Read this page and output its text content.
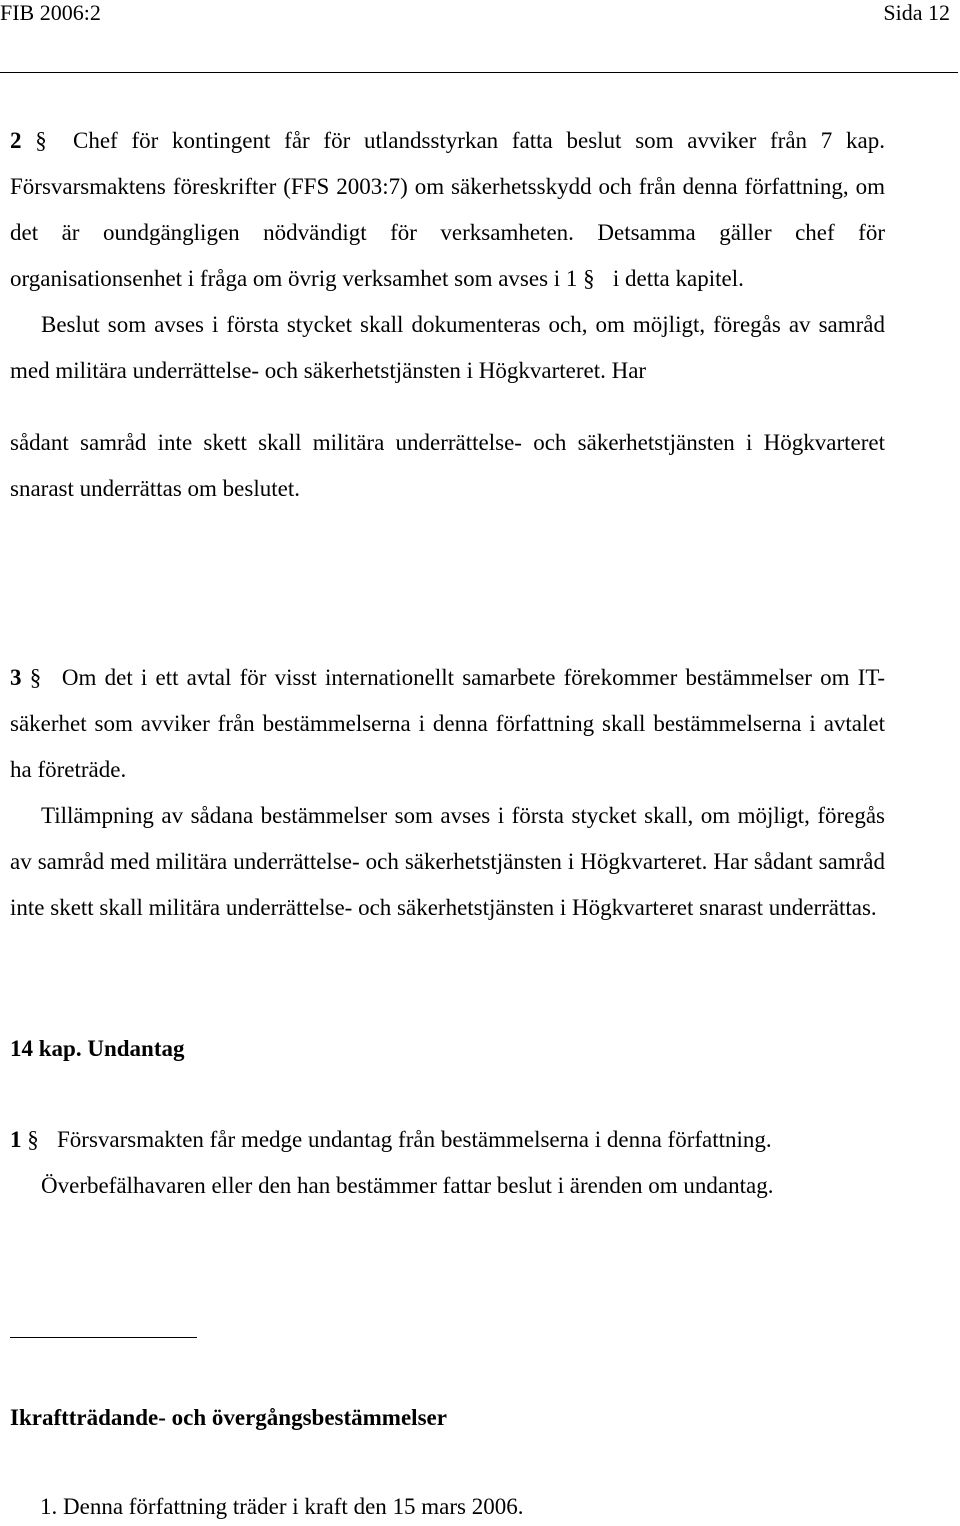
FIB 2006:2	Sida 12

2 § Chef för kontingent får för utlandsstyrkan fatta beslut som avviker från 7 kap. Försvarsmaktens föreskrifter (FFS 2003:7) om säkerhetsskydd och från denna författning, om det är oundgängligen nödvändigt för verksamheten. Detsamma gäller chef för organisationsenhet i fråga om övrig verksamhet som avses i 1 § i detta kapitel.

Beslut som avses i första stycket skall dokumenteras och, om möjligt, föregås av samråd med militära underrättelse- och säkerhetstjänsten i Högkvarteret. Har

sådant samråd inte skett skall militära underrättelse- och säkerhetstjänsten i Högkvarteret snarast underrättas om beslutet.

3 § Om det i ett avtal för visst internationellt samarbete förekommer bestämmelser om IT-säkerhet som avviker från bestämmelserna i denna författning skall bestämmelserna i avtalet ha företräde.

Tillämpning av sådana bestämmelser som avses i första stycket skall, om möjligt, föregås av samråd med militära underrättelse- och säkerhetstjänsten i Högkvarteret. Har sådant samråd inte skett skall militära underrättelse- och säkerhetstjänsten i Högkvarteret snarast underrättas.

14 kap. Undantag

1 § Försvarsmakten får medge undantag från bestämmelserna i denna författning.

Överbefälhavaren eller den han bestämmer fattar beslut i ärenden om undantag.

Ikraftträdande- och övergångsbestämmelser
1. Denna författning träder i kraft den 15 mars 2006.
